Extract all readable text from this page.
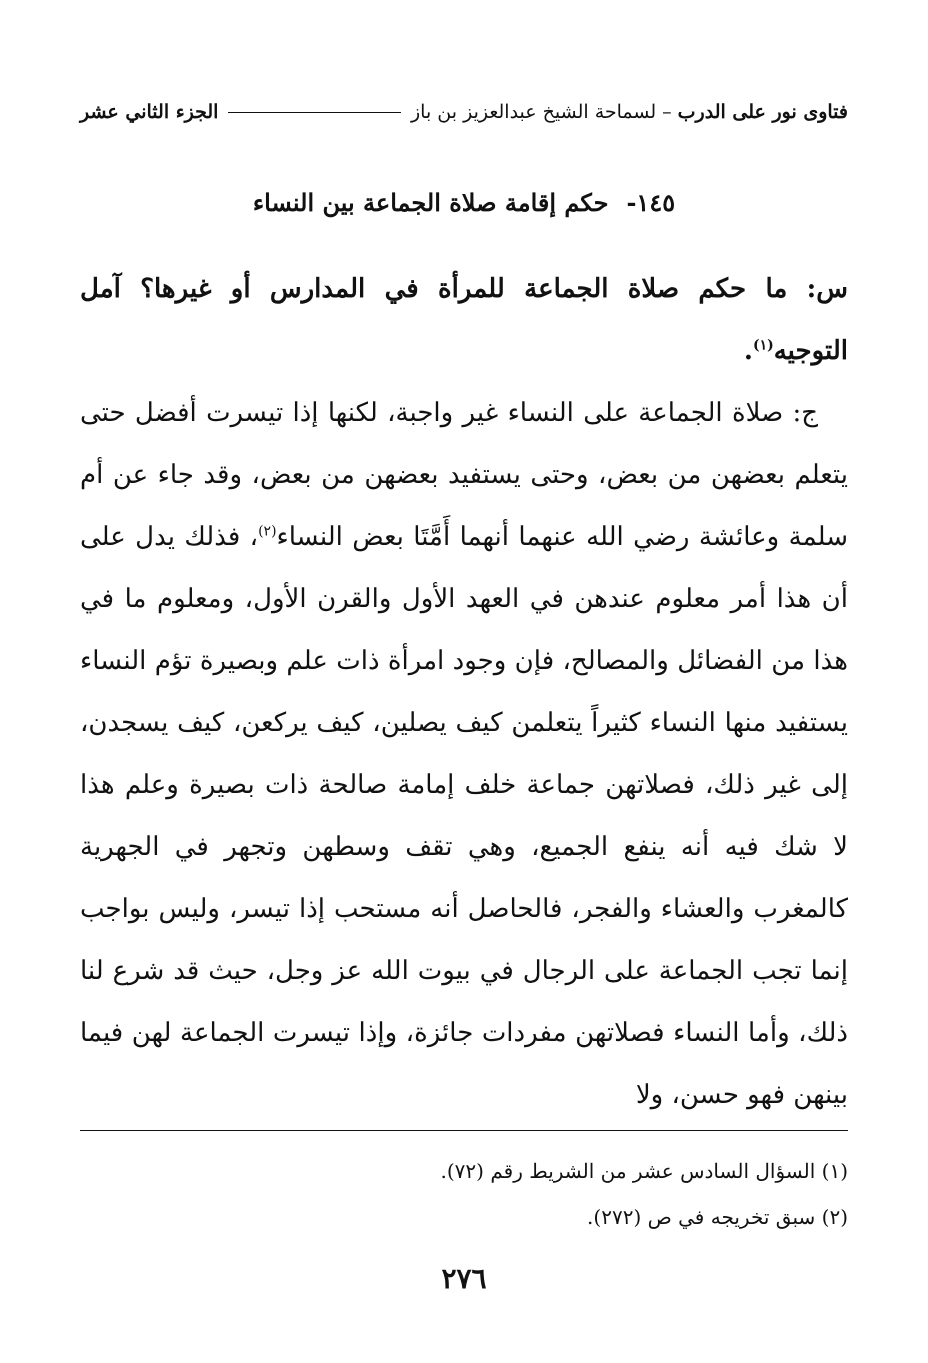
فتاوى نور على الدرب
–
لسماحة الشيخ عبدالعزيز بن باز
الجزء الثاني عشر
١٤٥-حكم إقامة صلاة الجماعة بين النساء

س: ما حكم صلاة الجماعة للمرأة في المدارس أو غيرها؟ آمل التوجيه$^{(١)}$.

ج: صلاة الجماعة على النساء غير واجبة، لكنها إذا تيسرت أفضل حتى يتعلم بعضهن من بعض، وحتى يستفيد بعضهن من بعض، وقد جاء عن أم سلمة وعائشة رضي الله عنهما أنهما أَمَّتَا بعض النساء$^{(٢)}$، فذلك يدل على أن هذا أمر معلوم عندهن في العهد الأول والقرن الأول، ومعلوم ما في هذا من الفضائل والمصالح، فإن وجود امرأة ذات علم وبصيرة تؤم النساء يستفيد منها النساء كثيراً يتعلمن كيف يصلين، كيف يركعن، كيف يسجدن، إلى غير ذلك، فصلاتهن جماعة خلف إمامة صالحة ذات بصيرة وعلم هذا لا شك فيه أنه ينفع الجميع، وهي تقف وسطهن وتجهر في الجهرية كالمغرب والعشاء والفجر، فالحاصل أنه مستحب إذا تيسر، وليس بواجب إنما تجب الجماعة على الرجال في بيوت الله عز وجل، حيث قد شرع لنا ذلك، وأما النساء فصلاتهن مفردات جائزة، وإذا تيسرت الجماعة لهن فيما بينهن فهو حسن، ولا

(١) السؤال السادس عشر من الشريط رقم (٧٢).

(٢) سبق تخريجه في ص (٢٧٢).

٢٧٦
